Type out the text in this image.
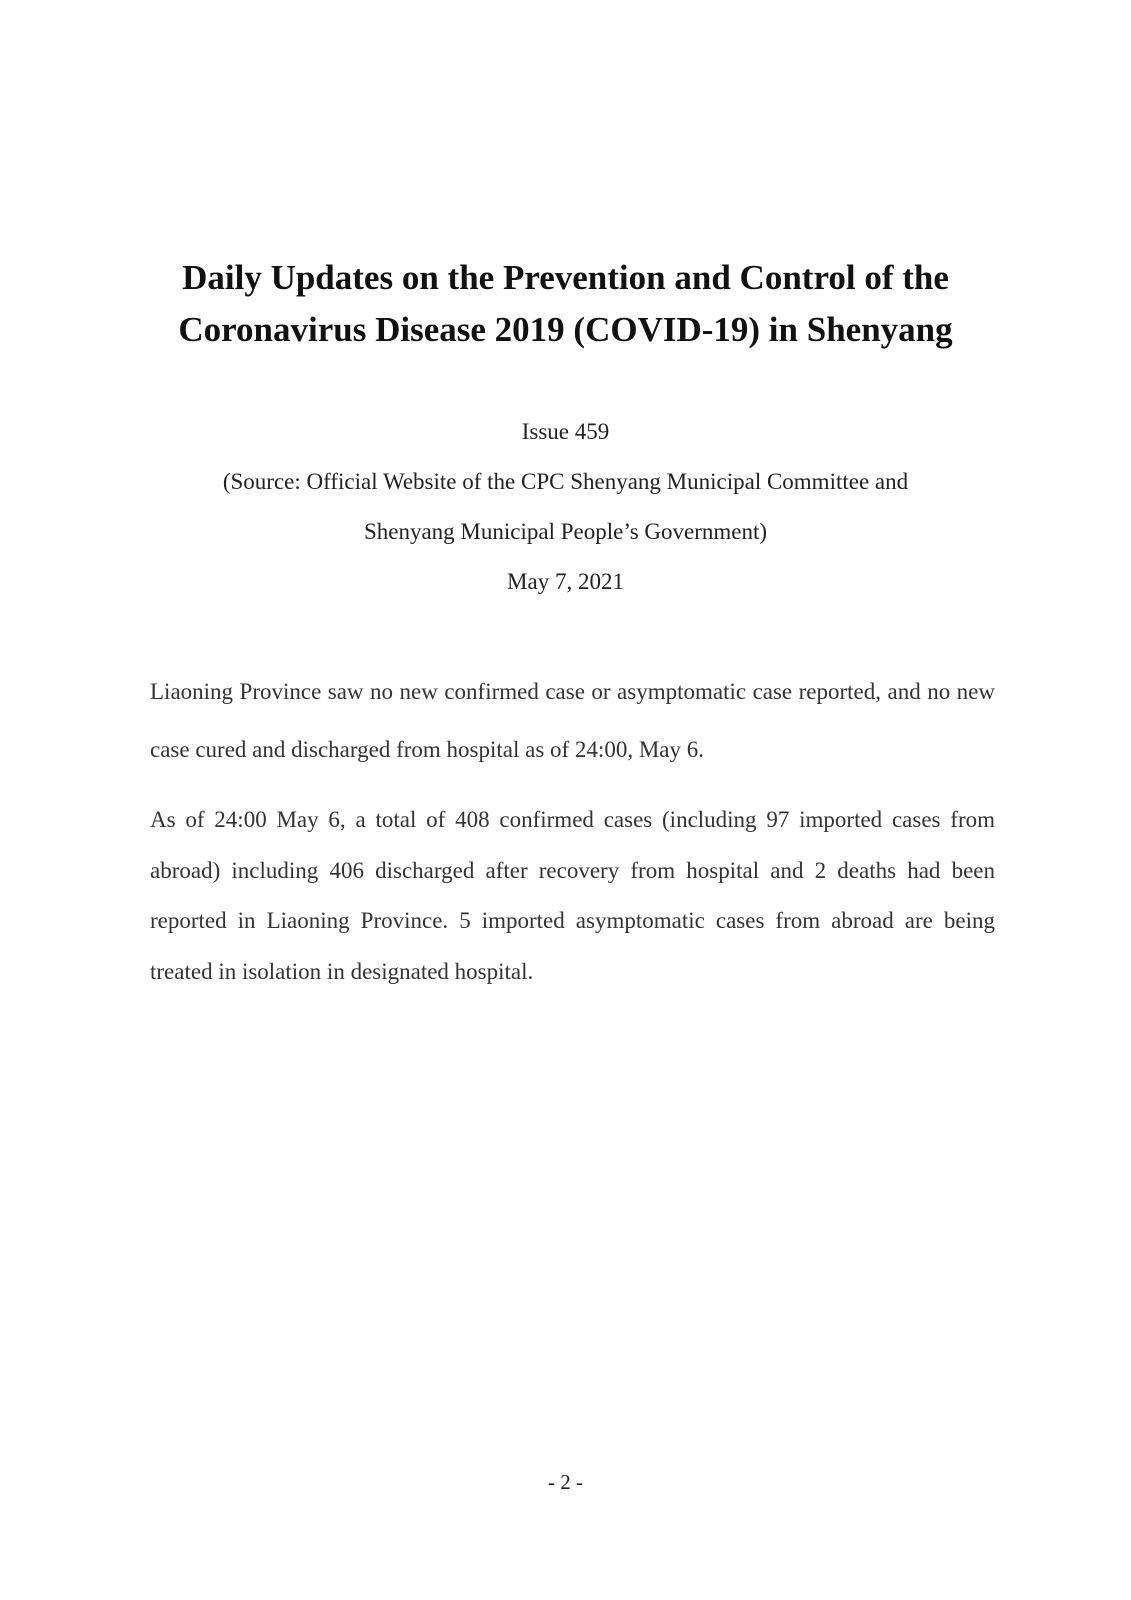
Daily Updates on the Prevention and Control of the Coronavirus Disease 2019 (COVID-19) in Shenyang

Issue 459

(Source: Official Website of the CPC Shenyang Municipal Committee and

Shenyang Municipal People’s Government)

May 7, 2021

Liaoning Province saw no new confirmed case or asymptomatic case reported, and no new case cured and discharged from hospital as of 24:00, May 6.

As of 24:00 May 6, a total of 408 confirmed cases (including 97 imported cases from abroad) including 406 discharged after recovery from hospital and 2 deaths had been reported in Liaoning Province. 5 imported asymptomatic cases from abroad are being treated in isolation in designated hospital.

- 2 -
